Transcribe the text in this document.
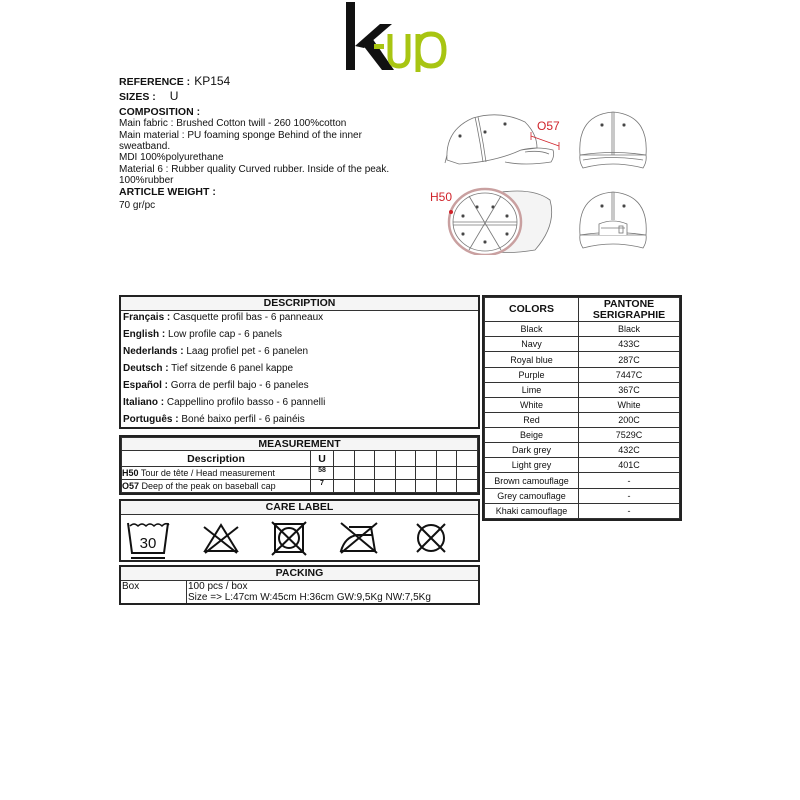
REFERENCE : KP154
SIZES : U
COMPOSITION :
Main fabric : Brushed Cotton twill - 260 100%cotton
Main material : PU foaming sponge Behind of the inner
sweatband.
MDI 100%polyurethane
Material 6 : Rubber quality Curved rubber. Inside of the peak.
100%rubber
ARTICLE WEIGHT :
70 gr/pc
O57
H50
DESCRIPTION
Français : Casquette profil bas - 6 panneaux
English : Low profile cap - 6 panels
Nederlands : Laag profiel pet - 6 panelen
Deutsch : Tief sitzende 6 panel kappe
Español : Gorra de perfil bajo - 6 paneles
Italiano : Cappellino profilo basso - 6 pannelli
Português : Boné baixo perfil - 6 painéis
MEASUREMENT								
Description	U							
H50 Tour de tête / Head measurement	58							
O57 Deep of the peak on baseball cap	7							
CARE LABEL
30
PACKING
Box	100 pcs / box
Size => L:47cm W:45cm H:36cm GW:9,5Kg NW:7,5Kg
COLORS	PANTONE
SERIGRAPHIE
Black	Black
Navy	433C
Royal blue	287C
Purple	7447C
Lime	367C
White	White
Red	200C
Beige	7529C
Dark grey	432C
Light grey	401C
Brown camouflage	-
Grey camouflage	-
Khaki camouflage	-
